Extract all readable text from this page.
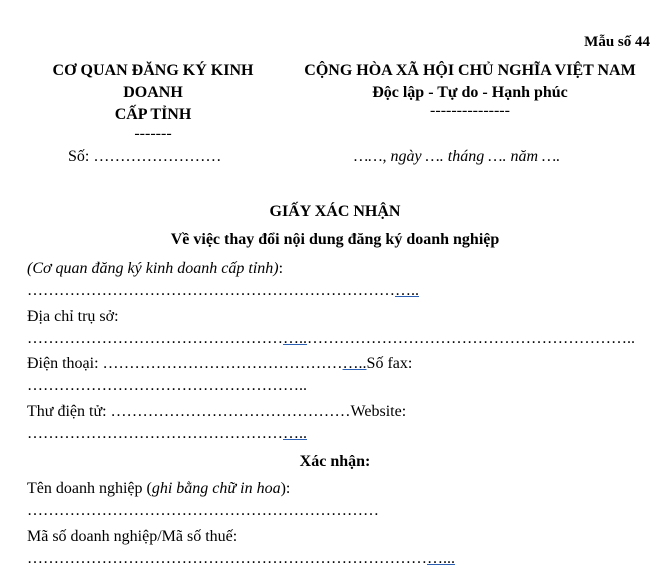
Mẫu số 44
CƠ QUAN ĐĂNG KÝ KINH
DOANH
CẤP TỈNH
-------
Số: ……………………
CỘNG HÒA XÃ HỘI CHỦ NGHĨA VIỆT NAM
Độc lập - Tự do - Hạnh phúc
---------------
……, ngày …. tháng …. năm ….
GIẤY XÁC NHẬN
Về việc thay đổi nội dung đăng ký doanh nghiệp
(Cơ quan đăng ký kinh doanh cấp tỉnh):
………………………………………………………………..
Địa chỉ trụ sở:
……………………………………………..……………………………………………………..
Điện thoại: …………………………………………..Số fax:
……………………………………………..
Thư điện tử: ………………………………………Website:
……………………………………………..
Xác nhận:
Tên doanh nghiệp (ghi bằng chữ in hoa):
…………………………………………………………
Mã số doanh nghiệp/Mã số thuế:
……………………………………………………………………...
